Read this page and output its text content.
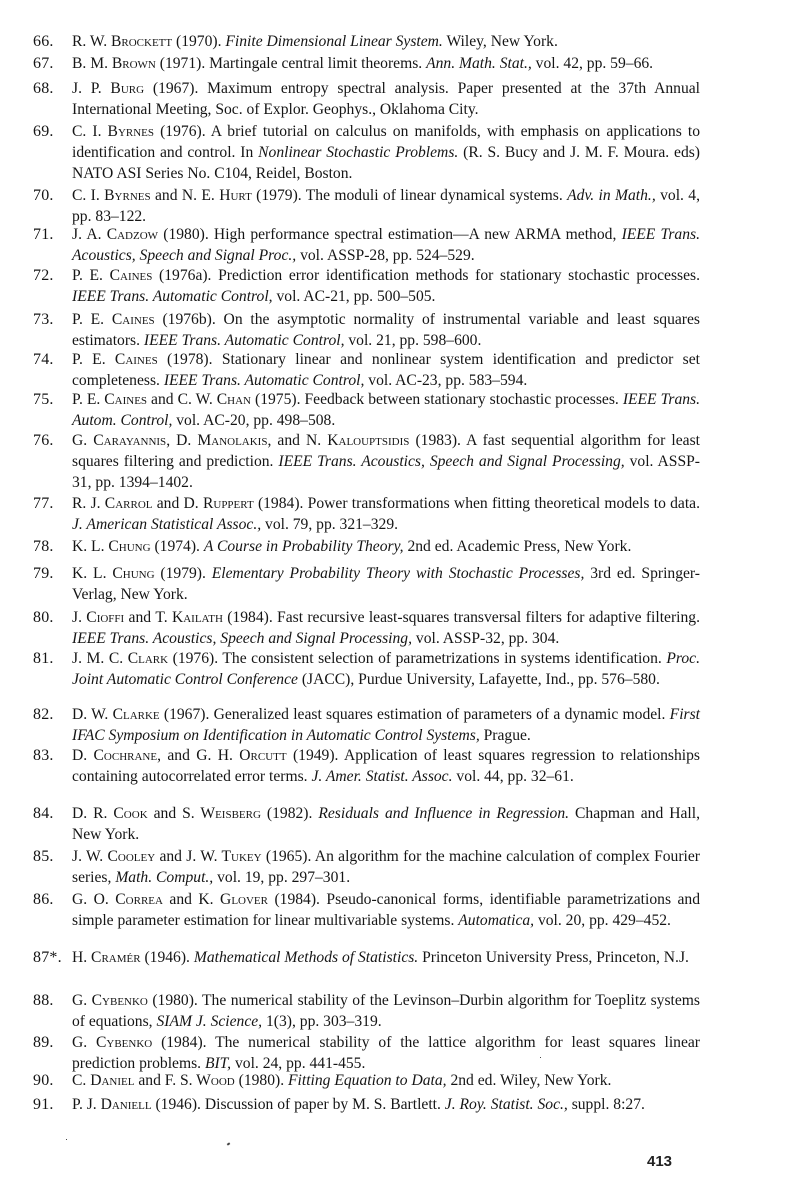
66. R. W. Brockett (1970). Finite Dimensional Linear System. Wiley, New York.
67. B. M. Brown (1971). Martingale central limit theorems. Ann. Math. Stat., vol. 42, pp. 59–66.
68. J. P. Burg (1967). Maximum entropy spectral analysis. Paper presented at the 37th Annual International Meeting, Soc. of Explor. Geophys., Oklahoma City.
69. C. I. Byrnes (1976). A brief tutorial on calculus on manifolds, with emphasis on applications to identification and control. In Nonlinear Stochastic Problems. (R. S. Bucy and J. M. F. Moura. eds) NATO ASI Series No. C104, Reidel, Boston.
70. C. I. Byrnes and N. E. Hurt (1979). The moduli of linear dynamical systems. Adv. in Math., vol. 4, pp. 83–122.
71. J. A. Cadzow (1980). High performance spectral estimation—A new ARMA method, IEEE Trans. Acoustics, Speech and Signal Proc., vol. ASSP-28, pp. 524–529.
72. P. E. Caines (1976a). Prediction error identification methods for stationary stochastic processes. IEEE Trans. Automatic Control, vol. AC-21, pp. 500–505.
73. P. E. Caines (1976b). On the asymptotic normality of instrumental variable and least squares estimators. IEEE Trans. Automatic Control, vol. 21, pp. 598–600.
74. P. E. Caines (1978). Stationary linear and nonlinear system identification and predictor set completeness. IEEE Trans. Automatic Control, vol. AC-23, pp. 583–594.
75. P. E. Caines and C. W. Chan (1975). Feedback between stationary stochastic processes. IEEE Trans. Autom. Control, vol. AC-20, pp. 498–508.
76. G. Carayannis, D. Manolakis, and N. Kalouptsidis (1983). A fast sequential algorithm for least squares filtering and prediction. IEEE Trans. Acoustics, Speech and Signal Processing, vol. ASSP-31, pp. 1394–1402.
77. R. J. Carrol and D. Ruppert (1984). Power transformations when fitting theoretical models to data. J. American Statistical Assoc., vol. 79, pp. 321–329.
78. K. L. Chung (1974). A Course in Probability Theory, 2nd ed. Academic Press, New York.
79. K. L. Chung (1979). Elementary Probability Theory with Stochastic Processes, 3rd ed. Springer-Verlag, New York.
80. J. Cioffi and T. Kailath (1984). Fast recursive least-squares transversal filters for adaptive filtering. IEEE Trans. Acoustics, Speech and Signal Processing, vol. ASSP-32, pp. 304.
81. J. M. C. Clark (1976). The consistent selection of parametrizations in systems identification. Proc. Joint Automatic Control Conference (JACC), Purdue University, Lafayette, Ind., pp. 576–580.
82. D. W. Clarke (1967). Generalized least squares estimation of parameters of a dynamic model. First IFAC Symposium on Identification in Automatic Control Systems, Prague.
83. D. Cochrane, and G. H. Orcutt (1949). Application of least squares regression to relationships containing autocorrelated error terms. J. Amer. Statist. Assoc. vol. 44, pp. 32–61.
84. D. R. Cook and S. Weisberg (1982). Residuals and Influence in Regression. Chapman and Hall, New York.
85. J. W. Cooley and J. W. Tukey (1965). An algorithm for the machine calculation of complex Fourier series, Math. Comput., vol. 19, pp. 297–301.
86. G. O. Correa and K. Glover (1984). Pseudo-canonical forms, identifiable parametrizations and simple parameter estimation for linear multivariable systems. Automatica, vol. 20, pp. 429–452.
87*. H. Cramér (1946). Mathematical Methods of Statistics. Princeton University Press, Princeton, N.J.
88. G. Cybenko (1980). The numerical stability of the Levinson–Durbin algorithm for Toeplitz systems of equations, SIAM J. Science, 1(3), pp. 303–319.
89. G. Cybenko (1984). The numerical stability of the lattice algorithm for least squares linear prediction problems. BIT, vol. 24, pp. 441-455.
90. C. Daniel and F. S. Wood (1980). Fitting Equation to Data, 2nd ed. Wiley, New York.
91. P. J. Daniell (1946). Discussion of paper by M. S. Bartlett. J. Roy. Statist. Soc., suppl. 8:27.
413
